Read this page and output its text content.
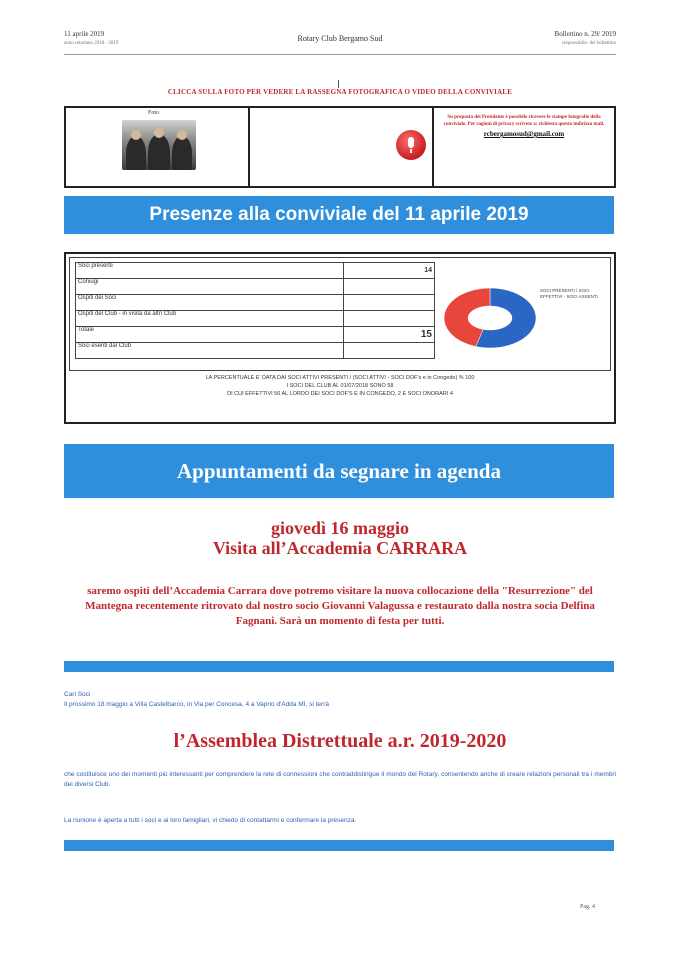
11 aprile 2019
anno rotariano 2018 - 2019
Rotary Club Bergamo Sud	Bollettino n. 29/ 2019
responsabile: del bollettino
CLICCA SULLA FOTO PER VEDERE LA RASSEGNA FOTOGRAFICA O VIDEO DELLA CONVIVIALE
Foto
Su proposta del Presidente è possibile ricevere le stampe fotografie della conviviale. Per ragioni di privacy scrivete a: richiesta questo indirizzo mail.
rcbergamosud@gmail.com
Presenze alla conviviale del 11 aprile 2019
Soci presenti	14
Coniugi	
Ospiti dei Soci	
Ospiti del Club - in visita da altri Club	
Totale	15
Soci esenti dal Club	
SOCI PRESENTI / SOCI EFFETTIVI - SOCI ASSENTI
LA PERCENTUALE E' DATA DAI SOCI ATTIVI PRESENTI / (SOCI ATTIVI - SOCI DOF's e in Congedo) % 100
I SOCI DEL CLUB AL 01/07/2018 SONO 58
DI CUI EFFETTIVI 56 AL LORDO DEI SOCI DOF'S E IN CONGEDO, 2 E SOCI ONORARI 4
Appuntamenti da segnare in agenda
giovedì 16 maggio
Visita all’Accademia CARRARA
saremo ospiti dell’Accademia Carrara dove potremo visitare la nuova collocazione della "Resurrezione" del Mantegna recentemente ritrovato dal nostro socio Giovanni Valagussa e restaurato dalla nostra socia Delfina Fagnani. Sarà un momento di festa per tutti.
Cari Soci
Il prossimo 18 maggio a Villa Castelbarco, in Via per Concesa, 4 a Vaprio d'Adda MI, si terrà
l’Assemblea Distrettuale a.r. 2019-2020
che costituisce uno dei momenti più interessanti per comprendere la rete di connessioni che contraddistingue il mondo del Rotary, consentendo anche di creare relazioni personali tra i membri dei diversi Club.
La riunione è aperta a tutti i soci e ai loro famigliari, vi chiedo di contattarmi e confermare la presenza.
Pag. 4
